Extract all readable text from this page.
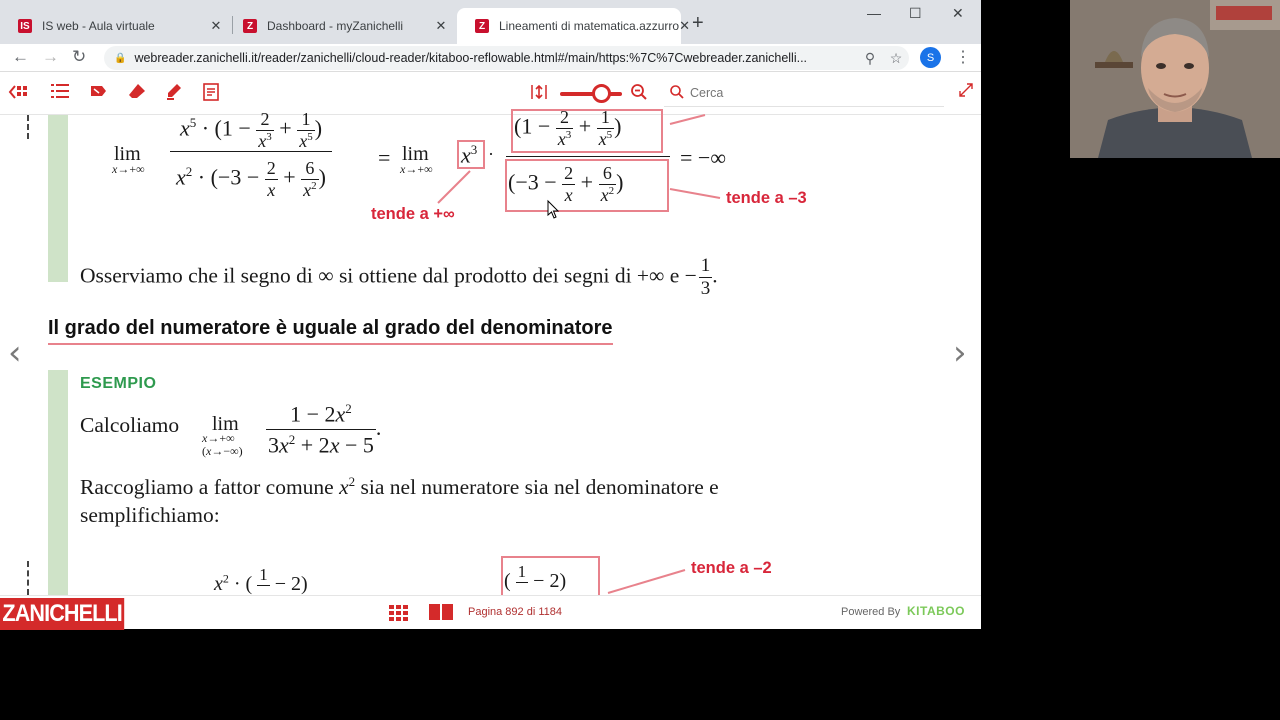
IS IS web - Aula virtuale	✕	Z	Dashboard - myZanichelli	✕	Z	Lineamenti di matematica.azzurro ✕ +	— ☐ ✕
← → ↻	🔒 webreader.zanichelli.it/reader/zanichelli/cloud-reader/kitaboo-reflowable.html#/main/https:%7C%7Cwebreader.zanichelli...	⚲	☆	S	⋮
Cerca
lim
x→+∞
$x^5 \cdot (1 - \frac{2}{x^3} + \frac{1}{x^5}$ )
$x^2 \cdot (-3 - \frac{2}{x} + \frac{6}{x^2}$ )
= lim
x→+∞
$x^3$ ·
($1 - \frac{2}{x^3} + \frac{1}{x^5}$ )
($-3 - \frac{2}{x} + \frac{6}{x^2}$ )
= −∞
tende a +∞
tende a –3
Osserviamo che il segno di ∞ si ottiene dal prodotto dei segni di +∞ $e - \frac{1}{3}$ .
Il grado del numeratore è uguale al grado del denominatore
ESEMPIO
Calcoliamo lim
x→+∞
$(x\to-\infty) \frac{1 - 2x^2}{3x^2 + 2x - 5}$ .
Raccogliamo a fattor comune $x^2$ sia nel numeratore sia nel denominatore e
semplifichiamo:
$x^2$ · ( 1
− 2)	( 1
− 2)
tende a –2
‹	›
ZANICHELLI	Pagina 892 di 1184	Powered By KITABOO
